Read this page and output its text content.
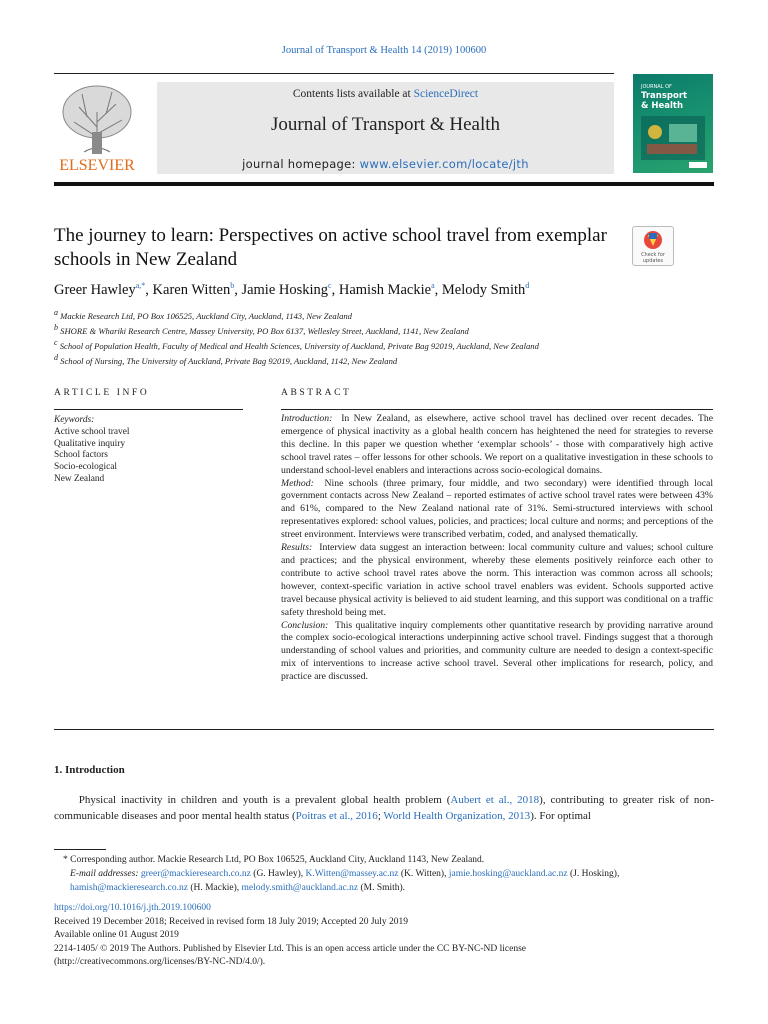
Journal of Transport & Health 14 (2019) 100600
ELSEVIER
Contents lists available at ScienceDirect
Journal of Transport & Health
journal homepage: www.elsevier.com/locate/jth
JOURNAL OF
Transport
& Health
The journey to learn: Perspectives on active school travel from exemplar schools in New Zealand	Check for
updates
Greer Hawley$^{a,*}$, Karen Witten$^b$, Jamie Hosking$^c$, Hamish Mackie$^a$, Melody Smith$^d$
$^a$ Mackie Research Ltd, PO Box 106525, Auckland City, Auckland, 1143, New Zealand
$^b$ SHORE & Whariki Research Centre, Massey University, PO Box 6137, Wellesley Street, Auckland, 1141, New Zealand
$^c$ School of Population Health, Faculty of Medical and Health Sciences, University of Auckland, Private Bag 92019, Auckland, New Zealand
$^d$ School of Nursing, The University of Auckland, Private Bag 92019, Auckland, 1142, New Zealand
ARTICLE INFO	ABSTRACT
Keywords:
Active school travel
Qualitative inquiry
School factors
Socio-ecological
New Zealand
Introduction: In New Zealand, as elsewhere, active school travel has declined over recent decades. The emergence of physical inactivity as a global health concern has heightened the need for strategies to reverse this decline. In this paper we question whether ‘exemplar schools’ - those with comparatively high active school travel rates – offer lessons for other schools. We report on a qualitative investigation in these schools to understand school-level enablers and interactions across socio-ecological domains.
Method: Nine schools (three primary, four middle, and two secondary) were identified through local government contacts across New Zealand – reported estimates of active school travel rates were between 43% and 61%, compared to the New Zealand national rate of 31%. Semi-structured interviews with school representatives explored: school values, policies, and practices; local culture and norms; and perceptions of the street environment. Interviews were transcribed verbatim, coded, and analysed thematically.
Results: Interview data suggest an interaction between: local community culture and values; school culture and practices; and the physical environment, whereby these elements positively reinforce each other to contribute to active school travel rates above the norm. This interaction was common across all schools; however, context-specific variation in active school travel enablers was evident. Schools supported active travel because physical activity is believed to aid student learning, and this support was conditional on a traffic safety threshold being met.
Conclusion: This qualitative inquiry complements other quantitative research by providing narrative around the complex socio-ecological interactions underpinning active school travel. Findings suggest that a thorough understanding of school values and priorities, and community culture are needed to design a context-specific mix of interventions to increase active school travel. Several other implications for research, policy, and practice are discussed.
1. Introduction
Physical inactivity in children and youth is a prevalent global health problem (Aubert et al., 2018), contributing to greater risk of non-communicable diseases and poor mental health status (Poitras et al., 2016; World Health Organization, 2013). For optimal
* Corresponding author. Mackie Research Ltd, PO Box 106525, Auckland City, Auckland 1143, New Zealand.
E-mail addresses: greer@mackieresearch.co.nz (G. Hawley), K.Witten@massey.ac.nz (K. Witten), jamie.hosking@auckland.ac.nz (J. Hosking), hamish@mackieresearch.co.nz (H. Mackie), melody.smith@auckland.ac.nz (M. Smith).
https://doi.org/10.1016/j.jth.2019.100600
Received 19 December 2018; Received in revised form 18 July 2019; Accepted 20 July 2019
Available online 01 August 2019
2214-1405/ © 2019 The Authors. Published by Elsevier Ltd. This is an open access article under the CC BY-NC-ND license
(http://creativecommons.org/licenses/BY-NC-ND/4.0/).
